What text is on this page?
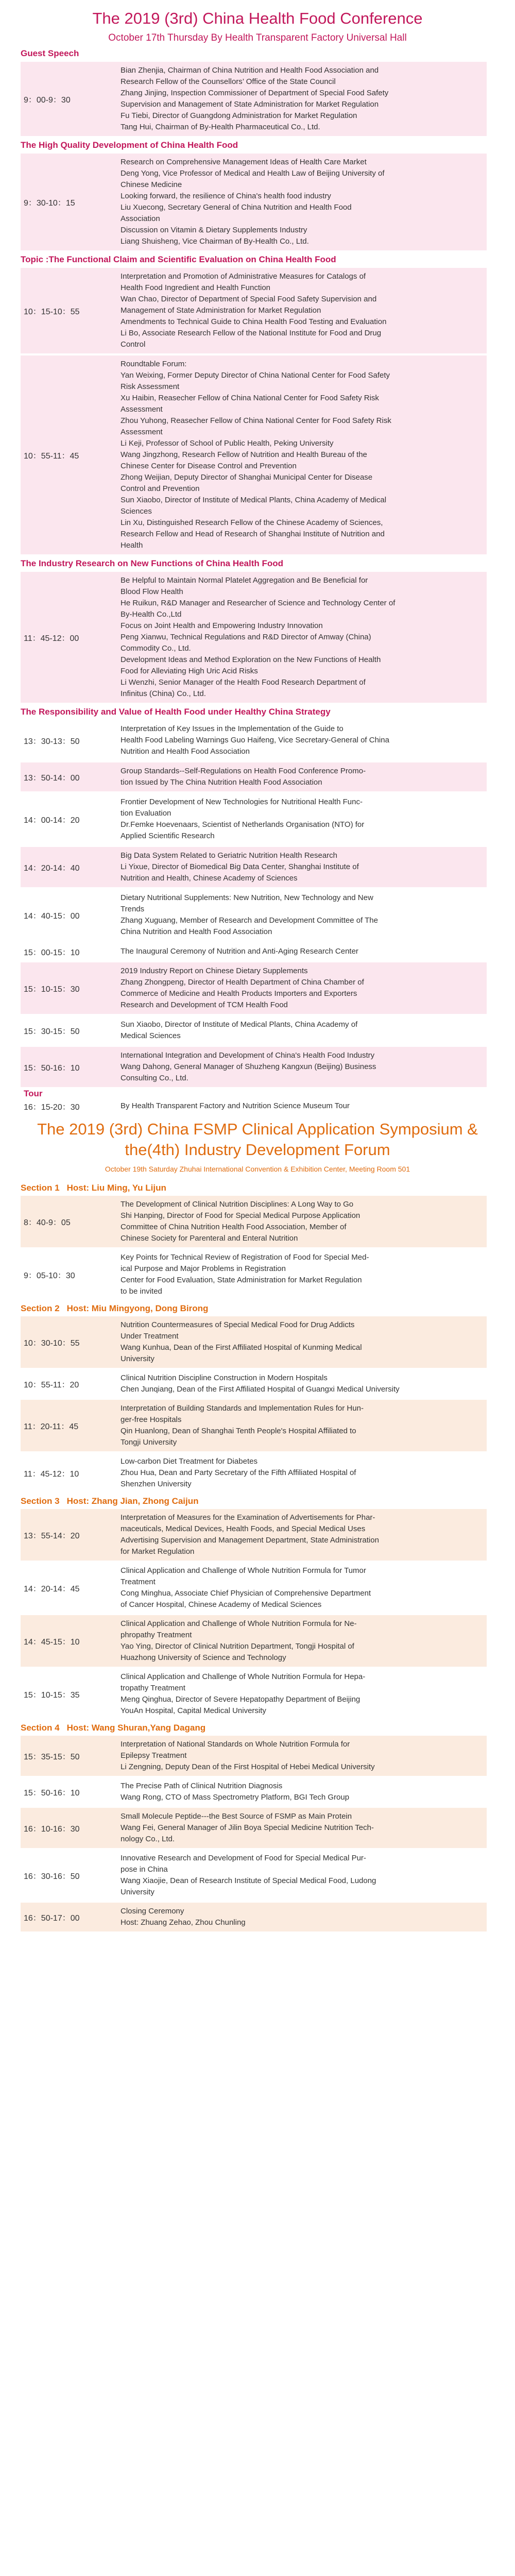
The 2019 (3rd) China Health Food Conference
October 17th Thursday By Health Transparent Factory Universal Hall
Guest Speech
9：00-9：30
Bian Zhenjia, Chairman of China Nutrition and Health Food Association and
Research Fellow of the Counsellors’ Office of the State Council
Zhang Jinjing, Inspection Commissioner of Department of Special Food Safety
Supervision and Management of State Administration for Market Regulation
Fu Tiebi, Director of Guangdong Administration for Market Regulation
Tang Hui, Chairman of By-Health Pharmaceutical Co., Ltd.
The High Quality Development of China Health Food
9：30-10：15
Research on Comprehensive Management Ideas of Health Care Market
Deng Yong, Vice Professor of Medical and Health Law of Beijing University of
Chinese Medicine
Looking forward, the resilience of China's health food industry
Liu Xuecong, Secretary General of China Nutrition and Health Food
Association
Discussion on Vitamin & Dietary Supplements Industry
Liang Shuisheng, Vice Chairman of By-Health Co., Ltd.
Topic :The Functional Claim and Scientific Evaluation on China Health Food
10：15-10：55
Interpretation and Promotion of Administrative Measures for Catalogs of
Health Food Ingredient and Health Function
Wan Chao, Director of Department of Special Food Safety Supervision and
Management of State Administration for Market Regulation
Amendments to Technical Guide to China Health Food Testing and Evaluation
Li Bo, Associate Research Fellow of the National Institute for Food and Drug
Control
10：55-11：45
Roundtable Forum:
Yan Weixing, Former Deputy Director of China National Center for Food Safety
Risk Assessment
Xu Haibin, Reasecher Fellow of China National Center for Food Safety Risk
Assessment
Zhou Yuhong, Reasecher Fellow of China National Center for Food Safety Risk
Assessment
Li Keji, Professor of School of Public Health, Peking University
Wang Jingzhong, Research Fellow of Nutrition and Health Bureau of the
Chinese Center for Disease Control and Prevention
Zhong Weijian, Deputy Director of Shanghai Municipal Center for Disease
Control and Prevention
Sun Xiaobo, Director of Institute of Medical Plants, China Academy of Medical
Sciences
Lin Xu, Distinguished Research Fellow of the Chinese Academy of Sciences,
Research Fellow and Head of Research of Shanghai Institute of Nutrition and
Health
The Industry Research on New Functions of China Health Food
11：45-12：00
Be Helpful to Maintain Normal Platelet Aggregation and Be Beneficial for
Blood Flow Health
He Ruikun, R&D Manager and Researcher of Science and Technology Center of
By-Health Co.,Ltd
Focus on Joint Health and Empowering Industry Innovation
Peng Xianwu, Technical Regulations and R&D Director of Amway (China)
Commodity Co., Ltd.
Development Ideas and Method Exploration on the New Functions of Health
Food for Alleviating High Uric Acid Risks
Li Wenzhi, Senior Manager of the Health Food Research Department of
Infinitus (China) Co., Ltd.
The Responsibility and Value of Health Food under Healthy China Strategy
13：30-13：50
Interpretation of Key Issues in the Implementation of the Guide to
Health Food Labeling Warnings Guo Haifeng, Vice Secretary-General of China
Nutrition and Health Food Association
13：50-14：00
Group Standards--Self-Regulations on Health Food Conference Promo-
tion Issued by The China Nutrition Health Food Association
14：00-14：20
Frontier Development of New Technologies for Nutritional Health Func-
tion Evaluation
Dr.Femke Hoevenaars, Scientist of Netherlands Organisation (NTO) for
Applied Scientific Research
14：20-14：40
Big Data System Related to Geriatric Nutrition Health Research
Li Yixue, Director of Biomedical Big Data Center, Shanghai Institute of
Nutrition and Health, Chinese Academy of Sciences
14：40-15：00
Dietary Nutritional Supplements: New Nutrition, New Technology and New
Trends
Zhang Xuguang, Member of Research and Development Committee of The
China Nutrition and Health Food Association
15：00-15：10	The Inaugural Ceremony of Nutrition and Anti-Aging Research Center
15：10-15：30
2019 Industry Report on Chinese Dietary Supplements
Zhang Zhongpeng, Director of Health Department of China Chamber of
Commerce of Medicine and Health Products Importers and Exporters
Research and Development of TCM Health Food
15：30-15：50
Sun Xiaobo, Director of Institute of Medical Plants, China Academy of
Medical Sciences
15：50-16：10
International Integration and Development of China's Health Food Industry
Wang Dahong, General Manager of Shuzheng Kangxun (Beijing) Business
Consulting Co., Ltd.
Tour
16：15-20：30	By Health Transparent Factory and Nutrition Science Museum Tour
The 2019 (3rd) China FSMP Clinical Application Symposium &
the(4th) Industry Development Forum
October 19th Saturday Zhuhai International Convention & Exhibition Center, Meeting Room 501
Section 1 Host: Liu Ming, Yu Lijun
8：40-9：05
The Development of Clinical Nutrition Disciplines: A Long Way to Go
Shi Hanping, Director of Food for Special Medical Purpose Application
Committee of China Nutrition Health Food Association, Member of
Chinese Society for Parenteral and Enteral Nutrition
9：05-10：30
Key Points for Technical Review of Registration of Food for Special Med-
ical Purpose and Major Problems in Registration
Center for Food Evaluation, State Administration for Market Regulation
to be invited
Section 2 Host: Miu Mingyong, Dong Birong
10：30-10：55
Nutrition Countermeasures of Special Medical Food for Drug Addicts
Under Treatment
Wang Kunhua, Dean of the First Affiliated Hospital of Kunming Medical
University
10：55-11：20
Clinical Nutrition Discipline Construction in Modern Hospitals
Chen Junqiang, Dean of the First Affiliated Hospital of Guangxi Medical University
11：20-11：45
Interpretation of Building Standards and Implementation Rules for Hun-
ger-free Hospitals
Qin Huanlong, Dean of Shanghai Tenth People's Hospital Affiliated to
Tongji University
11：45-12：10
Low-carbon Diet Treatment for Diabetes
Zhou Hua, Dean and Party Secretary of the Fifth Affiliated Hospital of
Shenzhen University
Section 3 Host: Zhang Jian, Zhong Caijun
13：55-14：20
Interpretation of Measures for the Examination of Advertisements for Phar-
maceuticals, Medical Devices, Health Foods, and Special Medical Uses
Advertising Supervision and Management Department, State Administration
for Market Regulation
14：20-14：45
Clinical Application and Challenge of Whole Nutrition Formula for Tumor
Treatment
Cong Minghua, Associate Chief Physician of Comprehensive Department
of Cancer Hospital, Chinese Academy of Medical Sciences
14：45-15：10
Clinical Application and Challenge of Whole Nutrition Formula for Ne-
phropathy Treatment
Yao Ying, Director of Clinical Nutrition Department, Tongji Hospital of
Huazhong University of Science and Technology
15：10-15：35
Clinical Application and Challenge of Whole Nutrition Formula for Hepa-
tropathy Treatment
Meng Qinghua, Director of Severe Hepatopathy Department of Beijing
YouAn Hospital, Capital Medical University
Section 4 Host: Wang Shuran,Yang Dagang
15：35-15：50
Interpretation of National Standards on Whole Nutrition Formula for
Epilepsy Treatment
Li Zengning, Deputy Dean of the First Hospital of Hebei Medical University
15：50-16：10
The Precise Path of Clinical Nutrition Diagnosis
Wang Rong, CTO of Mass Spectrometry Platform, BGI Tech Group
16：10-16：30
Small Molecule Peptide---the Best Source of FSMP as Main Protein
Wang Fei, General Manager of Jilin Boya Special Medicine Nutrition Tech-
nology Co., Ltd.
16：30-16：50
Innovative Research and Development of Food for Special Medical Pur-
pose in China
Wang Xiaojie, Dean of Research Institute of Special Medical Food, Ludong
University
16：50-17：00
Closing Ceremony
Host: Zhuang Zehao, Zhou Chunling
